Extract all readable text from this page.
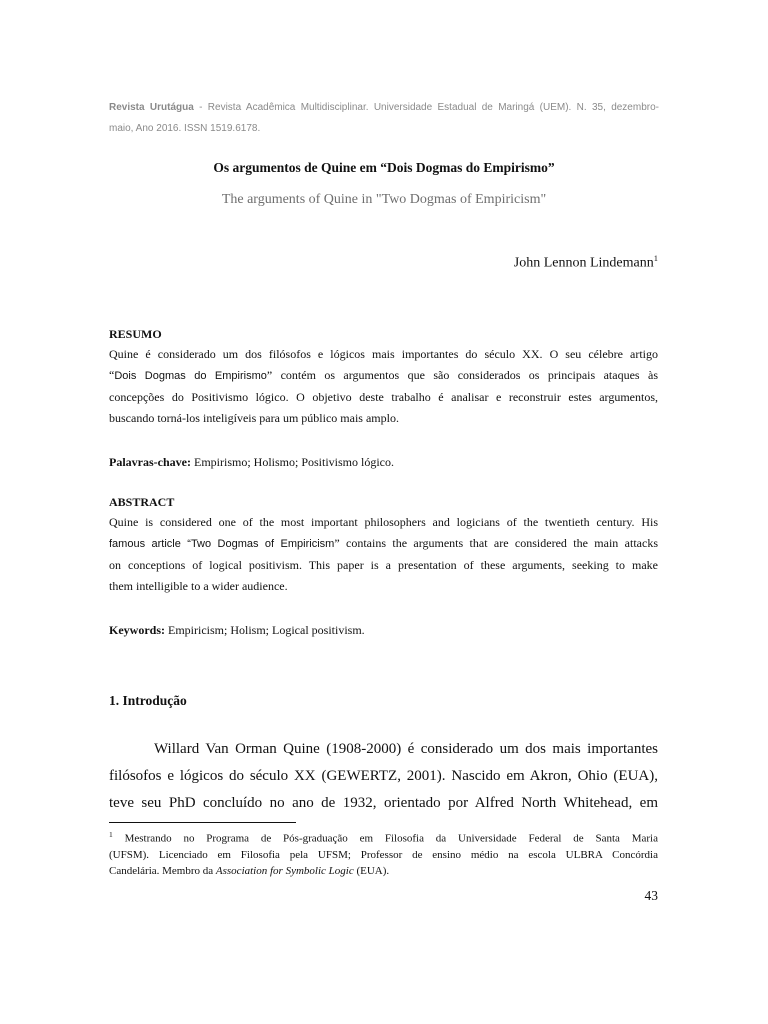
Revista Urutágua - Revista Acadêmica Multidisciplinar. Universidade Estadual de Maringá (UEM). N. 35, dezembro-
maio, Ano 2016. ISSN 1519.6178.
Os argumentos de Quine em “Dois Dogmas do Empirismo”
The arguments of Quine in "Two Dogmas of Empiricism"
John Lennon Lindemann$^1$
RESUMO
Quine é considerado um dos filósofos e lógicos mais importantes do século XX. O seu célebre artigo
“Dois Dogmas do Empirismo” contém os argumentos que são considerados os principais ataques às
concepções do Positivismo lógico. O objetivo deste trabalho é analisar e reconstruir estes argumentos,
buscando torná-los inteligíveis para um público mais amplo.
Palavras-chave: Empirismo; Holismo; Positivismo lógico.
ABSTRACT
Quine is considered one of the most important philosophers and logicians of the twentieth century. His
famous article “Two Dogmas of Empiricism” contains the arguments that are considered the main attacks
on conceptions of logical positivism. This paper is a presentation of these arguments, seeking to make
them intelligible to a wider audience.
Keywords: Empiricism; Holism; Logical positivism.
1. Introdução
Willard Van Orman Quine (1908-2000) é considerado um dos mais importantes
filósofos e lógicos do século XX (GEWERTZ, 2001). Nascido em Akron, Ohio (EUA),
teve seu PhD concluído no ano de 1932, orientado por Alfred North Whitehead, em
$^1$ Mestrando no Programa de Pós-graduação em Filosofia da Universidade Federal de Santa Maria
(UFSM). Licenciado em Filosofia pela UFSM; Professor de ensino médio na escola ULBRA Concórdia
Candelária. Membro da Association for Symbolic Logic (EUA).
43
